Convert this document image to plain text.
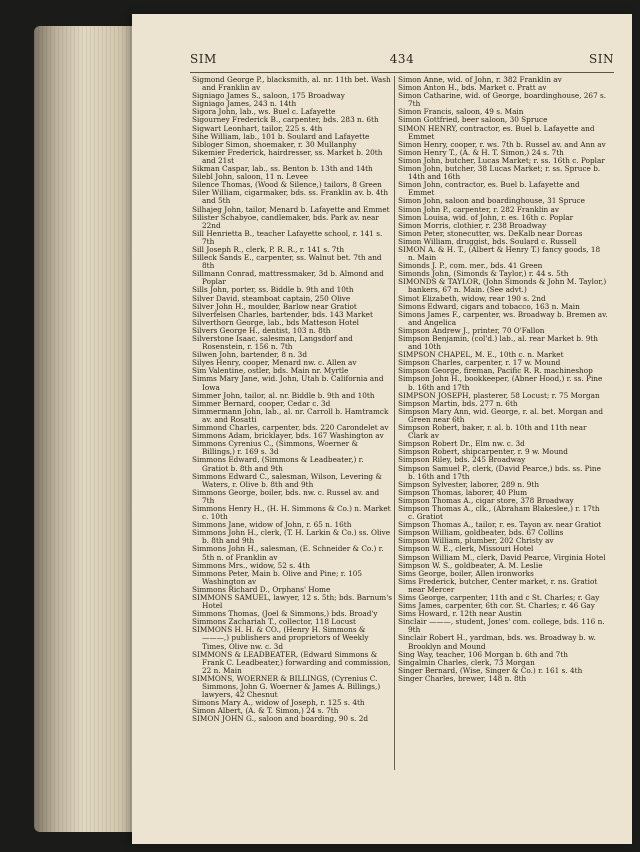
SIM	434	SIN

Sigmond George P., blacksmith, al. nr. 11th bet. Wash and Franklin av

Signiago James S., saloon, 175 Broadway

Signiago James, 243 n. 14th

Sigora John, lab., ws. Buel c. Lafayette

Sigourney Frederick B., carpenter, bds. 283 n. 6th

Sigwart Leonhart, tailor, 225 s. 4th

Sihe William, lab., 101 b. Soulard and Lafayette

Sibloger Simon, shoemaker, r. 30 Mullanphy

Sikemier Frederick, hairdresser, ss. Market b. 20th and 21st

Sikman Caspar, lab., ss. Benton b. 13th and 14th

Silebl John, saloon, 11 n. Levee

Silence Thomas, (Wood & Silence,) tailors, 8 Green

Siler William, cigarmaker, bds. ss. Franklin av. b. 4th and 5th

Silhajeg John, tailor, Menard b. Lafayette and Emmet

Silister Schabyoe, candlemaker, bds. Park av. near 22nd

Sill Henrietta B., teacher Lafayette school, r. 141 s. 7th

Sill Joseph R., clerk, P. R. R., r. 141 s. 7th

Silleck Sands E., carpenter, ss. Walnut bet. 7th and 8th

Sillmann Conrad, mattressmaker, 3d b. Almond and Poplar

Sills John, porter, ss. Biddle b. 9th and 10th

Silver David, steamboat captain, 250 Olive

Silver John H., moulder, Barlow near Gratiot

Silverfelsen Charles, bartender, bds. 143 Market

Silverthorn George, lab., bds Matteson Hotel

Silvers George H., dentist, 103 n. 8th

Silverstone Isaac, salesman, Langsdorf and Rosenstein, r. 156 n. 7th

Silwen John, bartender, 8 n. 3d

Silyes Henry, cooper, Menard nw. c. Allen av

Sim Valentine, ostler, bds. Main nr. Myrtle

Simms Mary Jane, wid. John, Utah b. California and Iowa

Simmer John, tailor, al. nr. Biddle b. 9th and 10th

Simmer Bernard, cooper, Cedar c. 3d

Simmermann John, lab., al. nr. Carroll b. Hamtramck av. and Rosatti

Simmond Charles, carpenter, bds. 220 Carondelet av

Simmons Adam, bricklayer, bds. 167 Washington av

Simmons Cyrenius C., (Simmons, Woerner & Billings,) r. 169 s. 3d

Simmons Edward, (Simmons & Leadbeater,) r. Gratiot b. 8th and 9th

Simmons Edward C., salesman, Wilson, Levering & Waters, r. Olive b. 8th and 9th

Simmons George, boiler, bds. nw. c. Russel av. and 7th

Simmons Henry H., (H. H. Simmons & Co.) n. Market c. 10th

Simmons Jane, widow of John, r. 65 n. 16th

Simmons John H., clerk, (T. H. Larkin & Co.) ss. Olive b. 8th and 9th

Simmons John H., salesman, (E. Schneider & Co.) r. 5th n. of Franklin av

Simmons Mrs., widow, 52 s. 4th

Simmons Peter, Main b. Olive and Pine; r. 105 Washington av

Simmons Richard D., Orphans' Home

SIMMONS SAMUEL, lawyer, 12 s. 5th; bds. Barnum's Hotel

Simmons Thomas, (Joel & Simmons,) bds. Broad'y

Simmons Zachariah T., collector, 118 Locust

SIMMONS H. H. & CO., (Henry H. Simmons & ———,) publishers and proprietors of Weekly Times, Olive nw. c. 3d

SIMMONS & LEADBEATER, (Edward Simmons & Frank C. Leadbeater,) forwarding and commission, 22 n. Main

SIMMONS, WOERNER & BILLINGS, (Cyrenius C. Simmons, John G. Woerner & James A. Billings,) lawyers, 42 Chesnut

Simons Mary A., widow of Joseph, r. 125 s. 4th

Simon Albert, (A. & T. Simon,) 24 s. 7th

SIMON JOHN G., saloon and boarding, 90 s. 2d

Simon Anne, wid. of John, r. 382 Franklin av

Simon Anton H., bds. Market c. Pratt av

Simon Catharine, wid. of George, boardinghouse, 267 s. 7th

Simon Francis, saloon, 49 s. Main

Simon Gottfried, beer saloon, 30 Spruce

SIMON HENRY, contractor, es. Buel b. Lafayette and Emmet

Simon Henry, cooper, r. ws. 7th b. Russel av. and Ann av

Simon Henry T., (A. & H. T. Simon,) 24 s. 7th

Simon John, butcher, Lucas Market; r. ss. 16th c. Poplar

Simon John, butcher, 38 Lucas Market; r. ss. Spruce b. 14th and 16th

Simon John, contractor, es. Buel b. Lafayette and Emmet

Simon John, saloon and boardinghouse, 31 Spruce

Simon John P., carpenter, r. 282 Franklin av

Simon Louisa, wid. of John, r. es. 16th c. Poplar

Simon Morris, clothier, r. 238 Broadway

Simon Peter, stonecutter, ws. DeKalb near Dorcas

Simon William, druggist, bds. Soulard c. Russell

SIMON A. & H. T., (Albert & Henry T.) fancy goods, 18 n. Main

Simonds J. P., com. mer., bds. 41 Green

Simonds John, (Simonds & Taylor,) r. 44 s. 5th

SIMONDS & TAYLOR, (John Simonds & John M. Taylor,) bankers, 67 n. Main. (See advt.)

Simot Elizabeth, widow, rear 190 s. 2nd

Simons Edward, cigars and tobacco, 163 n. Main

Simons James F., carpenter, ws. Broadway b. Bremen av. and Angelica

Simpson Andrew J., printer, 70 O'Fallon

Simpson Benjamin, (col'd.) lab., al. rear Market b. 9th and 10th

SIMPSON CHAPEL, M. E., 10th c. n. Market

Simpson Charles, carpenter, r. 17 w. Mound

Simpson George, fireman, Pacific R. R. machineshop

Simpson John H., bookkeeper, (Abner Hood,) r. ss. Pine b. 16th and 17th

SIMPSON JOSEPH, plasterer, 58 Locust; r. 75 Morgan

Simpson Martin, bds. 277 n. 6th

Simpson Mary Ann, wid. George, r. al. bet. Morgan and Green near 6th

Simpson Robert, baker, r. al. b. 10th and 11th near Clark av

Simpson Robert Dr., Elm nw. c. 3d

Simpson Robert, shipcarpenter, r. 9 w. Mound

Simpson Riley, bds. 245 Broadway

Simpson Samuel P., clerk, (David Pearce,) bds. ss. Pine b. 16th and 17th

Simpson Sylvester, laborer, 289 n. 9th

Simpson Thomas, laborer, 40 Plum

Simpson Thomas A., cigar store, 378 Broadway

Simpson Thomas A., clk., (Abraham Blakeslee,) r. 17th c. Gratiot

Simpson Thomas A., tailor, r. es. Tayon av. near Gratiot

Simpson William, goldbeater, bds. 67 Collins

Simpson William, plumber, 202 Christy av

Simpson W. E., clerk, Missouri Hotel

Simpson William M., clerk, David Pearce, Virginia Hotel

Simpson W. S., goldbeater, A. M. Leslie

Sims George, boiler, Allen ironworks

Sims Frederick, butcher, Center market, r. ns. Gratiot near Mercer

Sims George, carpenter, 11th and c St. Charles; r. Gay

Sims James, carpenter, 6th cor. St. Charles; r. 46 Gay

Sims Howard, r. 12th near Austin

Sinclair ———, student, Jones' com. college, bds. 116 n. 9th

Sinclair Robert H., yardman, bds. ws. Broadway b. w. Brooklyn and Mound

Sing Way, teacher, 106 Morgan b. 6th and 7th

Singalmin Charles, clerk, 73 Morgan

Singer Bernard, (Wise, Singer & Co.) r. 161 s. 4th

Singer Charles, brewer, 148 n. 8th
